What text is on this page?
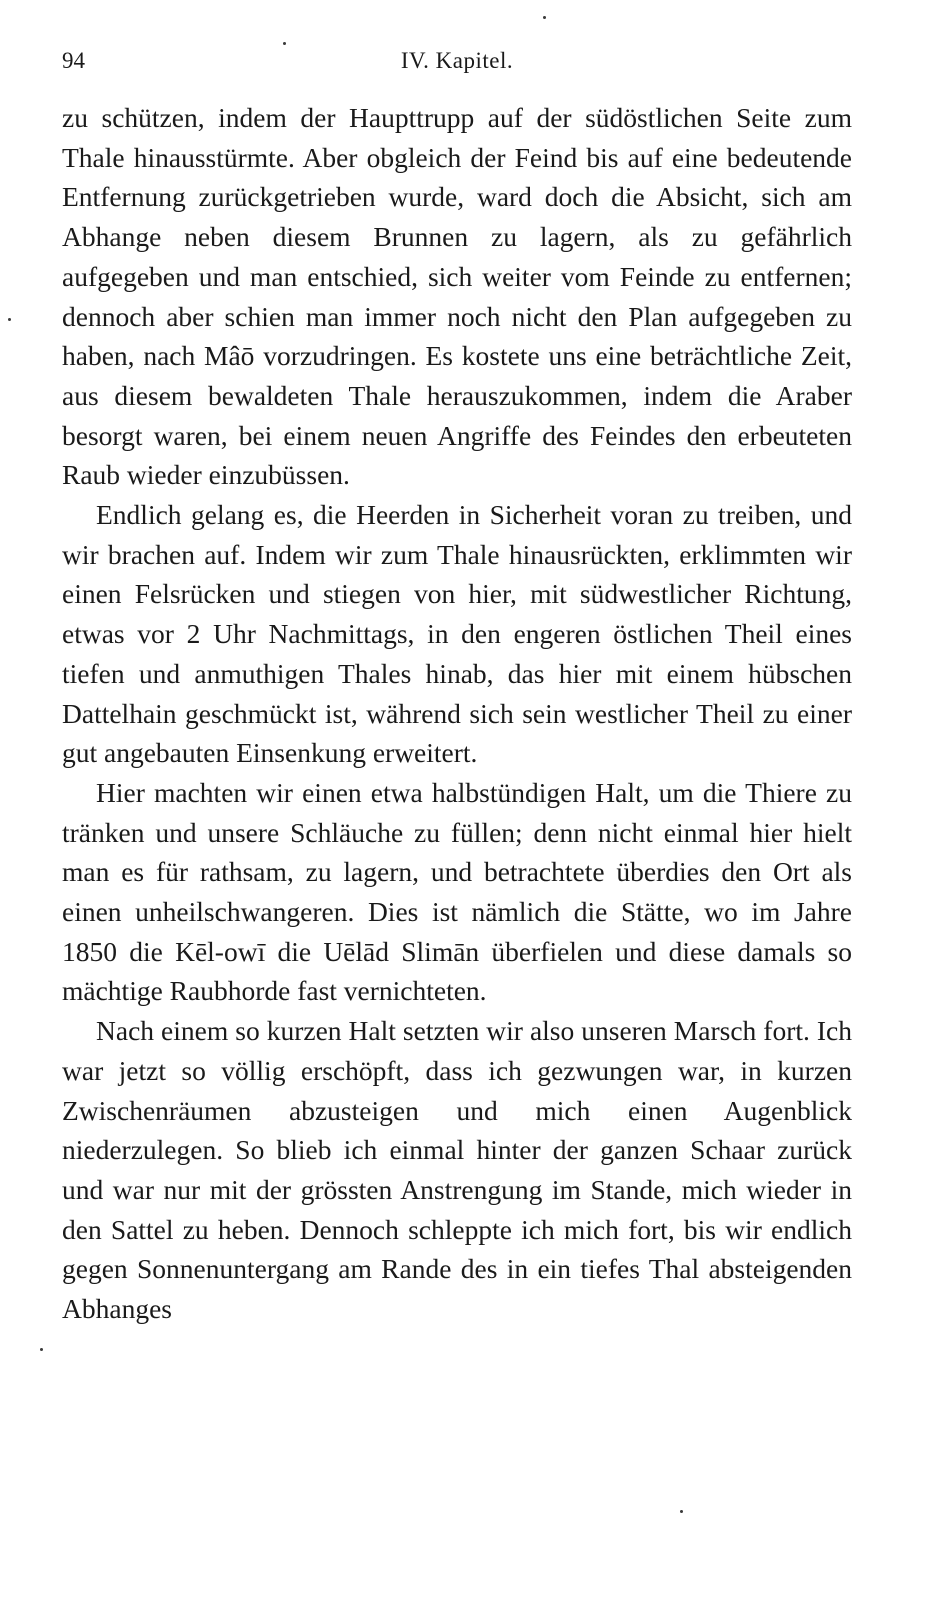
94	IV. Kapitel.

zu schützen, indem der Haupttrupp auf der südöstlichen Seite zum Thale hinausstürmte. Aber obgleich der Feind bis auf eine bedeutende Entfernung zurückgetrieben wurde, ward doch die Absicht, sich am Abhange neben diesem Brunnen zu lagern, als zu gefährlich aufgegeben und man entschied, sich weiter vom Feinde zu entfernen; dennoch aber schien man immer noch nicht den Plan aufgegeben zu haben, nach Mâō vorzudringen. Es kostete uns eine beträchtliche Zeit, aus diesem bewaldeten Thale herauszukommen, indem die Araber besorgt waren, bei einem neuen Angriffe des Feindes den erbeuteten Raub wieder einzubüssen.

Endlich gelang es, die Heerden in Sicherheit voran zu treiben, und wir brachen auf. Indem wir zum Thale hinausrückten, erklimmten wir einen Felsrücken und stiegen von hier, mit südwestlicher Richtung, etwas vor 2 Uhr Nachmittags, in den engeren östlichen Theil eines tiefen und anmuthigen Thales hinab, das hier mit einem hübschen Dattelhain geschmückt ist, während sich sein westlicher Theil zu einer gut angebauten Einsenkung erweitert.

Hier machten wir einen etwa halbstündigen Halt, um die Thiere zu tränken und unsere Schläuche zu füllen; denn nicht einmal hier hielt man es für rathsam, zu lagern, und betrachtete überdies den Ort als einen unheilschwangeren. Dies ist nämlich die Stätte, wo im Jahre 1850 die Kēl-owī die Uēlād Slimān überfielen und diese damals so mächtige Raubhorde fast vernichteten.

Nach einem so kurzen Halt setzten wir also unseren Marsch fort. Ich war jetzt so völlig erschöpft, dass ich gezwungen war, in kurzen Zwischenräumen abzusteigen und mich einen Augenblick niederzulegen. So blieb ich einmal hinter der ganzen Schaar zurück und war nur mit der grössten Anstrengung im Stande, mich wieder in den Sattel zu heben. Dennoch schleppte ich mich fort, bis wir endlich gegen Sonnenuntergang am Rande des in ein tiefes Thal absteigenden Abhanges
